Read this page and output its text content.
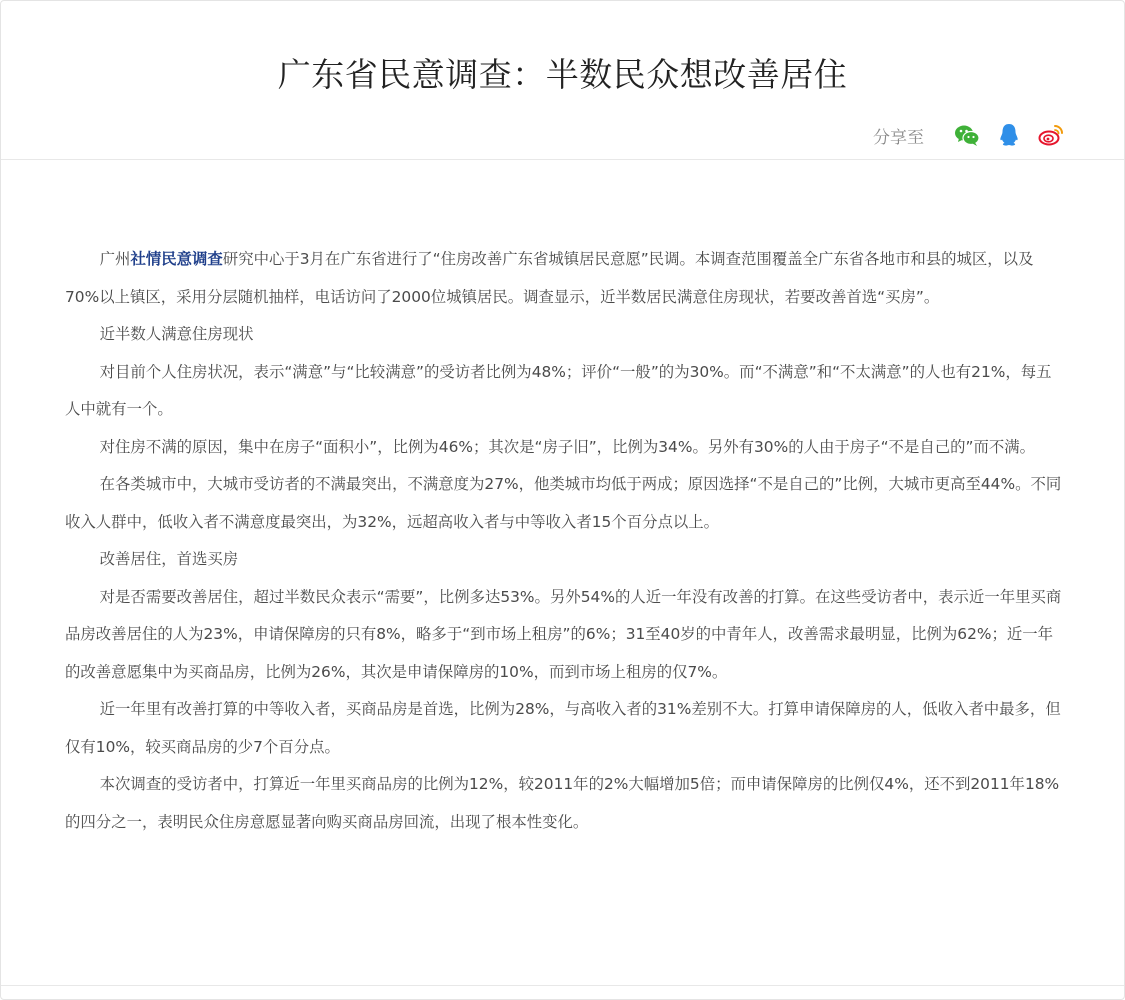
广东省民意调查：半数民众想改善居住
分享至

广州社情民意调查研究中心于3月在广东省进行了“住房改善广东省城镇居民意愿”民调。本调查范围覆盖全广东省各地市和县的城区，以及70%以上镇区，采用分层随机抽样，电话访问了2000位城镇居民。调查显示，近半数居民满意住房现状，若要改善首选“买房”。

近半数人满意住房现状

对目前个人住房状况，表示“满意”与“比较满意”的受访者比例为48%；评价“一般”的为30%。而“不满意”和“不太满意”的人也有21%，每五人中就有一个。

对住房不满的原因，集中在房子“面积小”，比例为46%；其次是“房子旧”，比例为34%。另外有30%的人由于房子“不是自己的”而不满。

在各类城市中，大城市受访者的不满最突出，不满意度为27%，他类城市均低于两成；原因选择“不是自己的”比例，大城市更高至44%。不同收入人群中，低收入者不满意度最突出，为32%，远超高收入者与中等收入者15个百分点以上。

改善居住，首选买房

对是否需要改善居住，超过半数民众表示“需要”，比例多达53%。另外54%的人近一年没有改善的打算。在这些受访者中，表示近一年里买商品房改善居住的人为23%，申请保障房的只有8%，略多于“到市场上租房”的6%；31至40岁的中青年人，改善需求最明显，比例为62%；近一年的改善意愿集中为买商品房，比例为26%，其次是申请保障房的10%，而到市场上租房的仅7%。

近一年里有改善打算的中等收入者，买商品房是首选，比例为28%，与高收入者的31%差别不大。打算申请保障房的人，低收入者中最多，但仅有10%，较买商品房的少7个百分点。

本次调查的受访者中，打算近一年里买商品房的比例为12%，较2011年的2%大幅增加5倍；而申请保障房的比例仅4%，还不到2011年18%的四分之一，表明民众住房意愿显著向购买商品房回流，出现了根本性变化。
